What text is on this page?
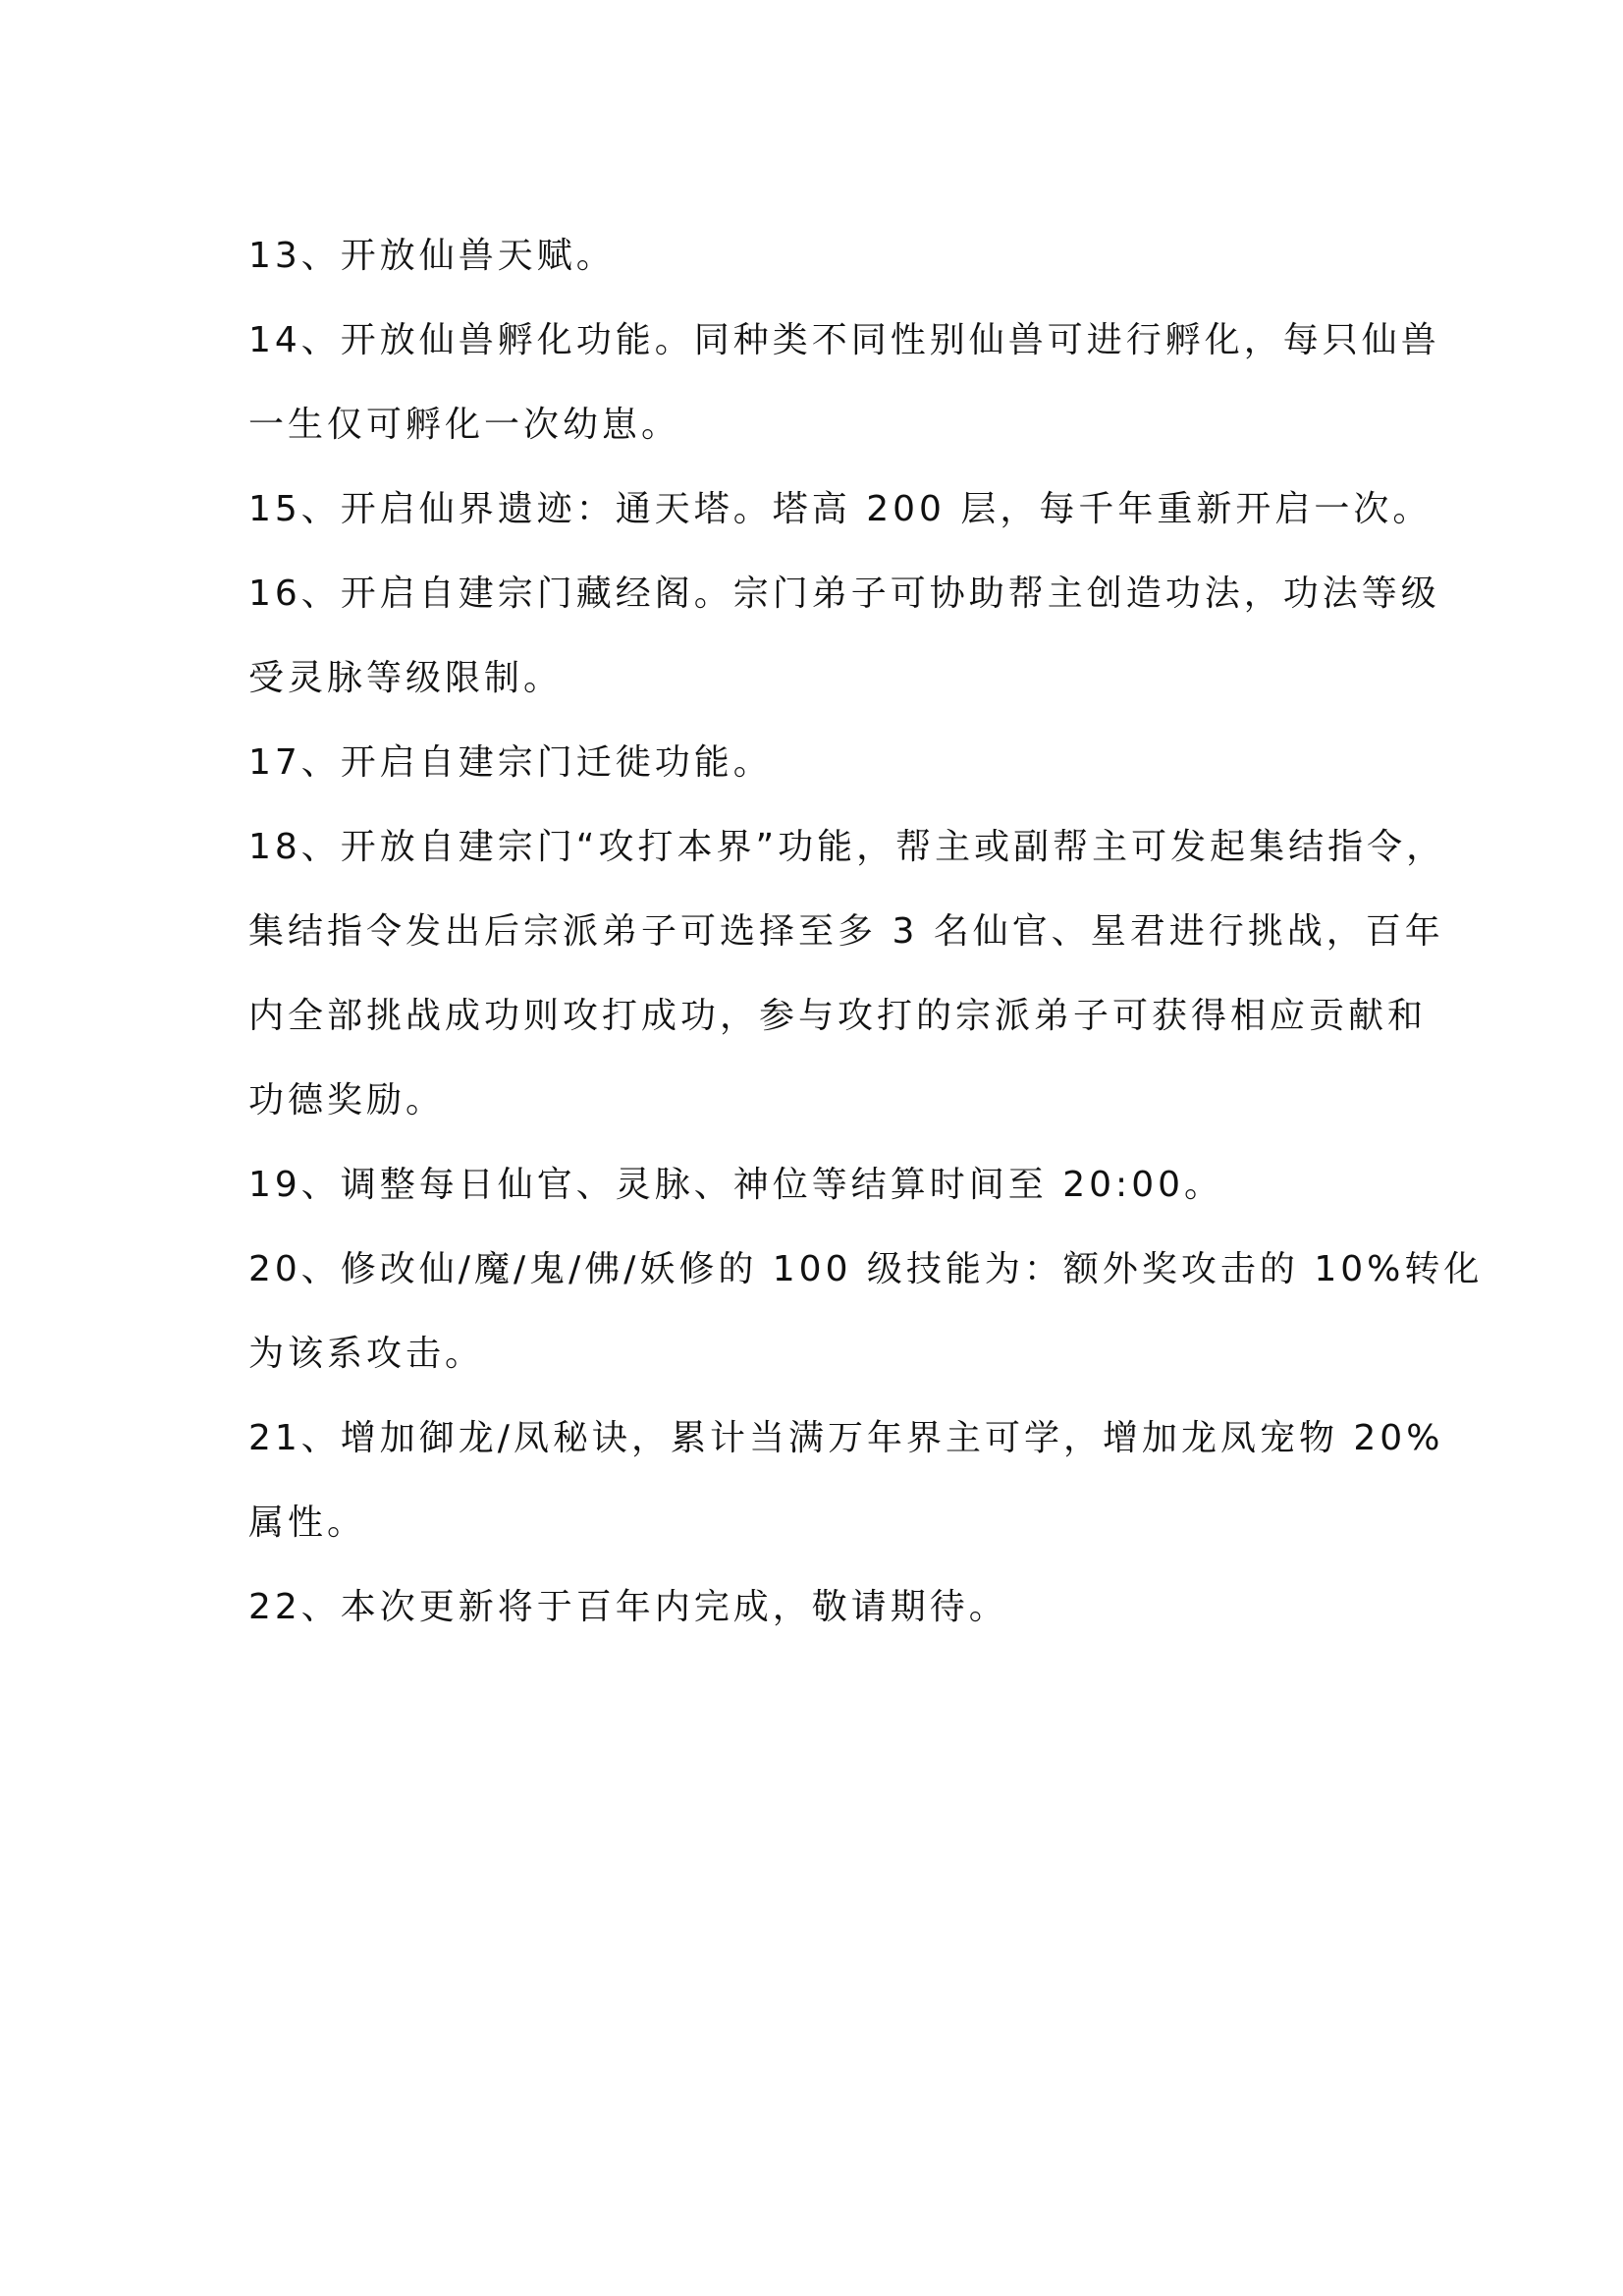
13、开放仙兽天赋。

14、开放仙兽孵化功能。同种类不同性别仙兽可进行孵化，每只仙兽

一生仅可孵化一次幼崽。

15、开启仙界遗迹：通天塔。塔高 200 层，每千年重新开启一次。

16、开启自建宗门藏经阁。宗门弟子可协助帮主创造功法，功法等级

受灵脉等级限制。

17、开启自建宗门迁徙功能。

18、开放自建宗门“攻打本界”功能，帮主或副帮主可发起集结指令，

集结指令发出后宗派弟子可选择至多 3 名仙官、星君进行挑战，百年

内全部挑战成功则攻打成功，参与攻打的宗派弟子可获得相应贡献和

功德奖励。

19、调整每日仙官、灵脉、神位等结算时间至 20:00。

20、修改仙/魔/鬼/佛/妖修的 100 级技能为：额外奖攻击的 10%转化

为该系攻击。

21、增加御龙/凤秘诀，累计当满万年界主可学，增加龙凤宠物 20%

属性。

22、本次更新将于百年内完成，敬请期待。
